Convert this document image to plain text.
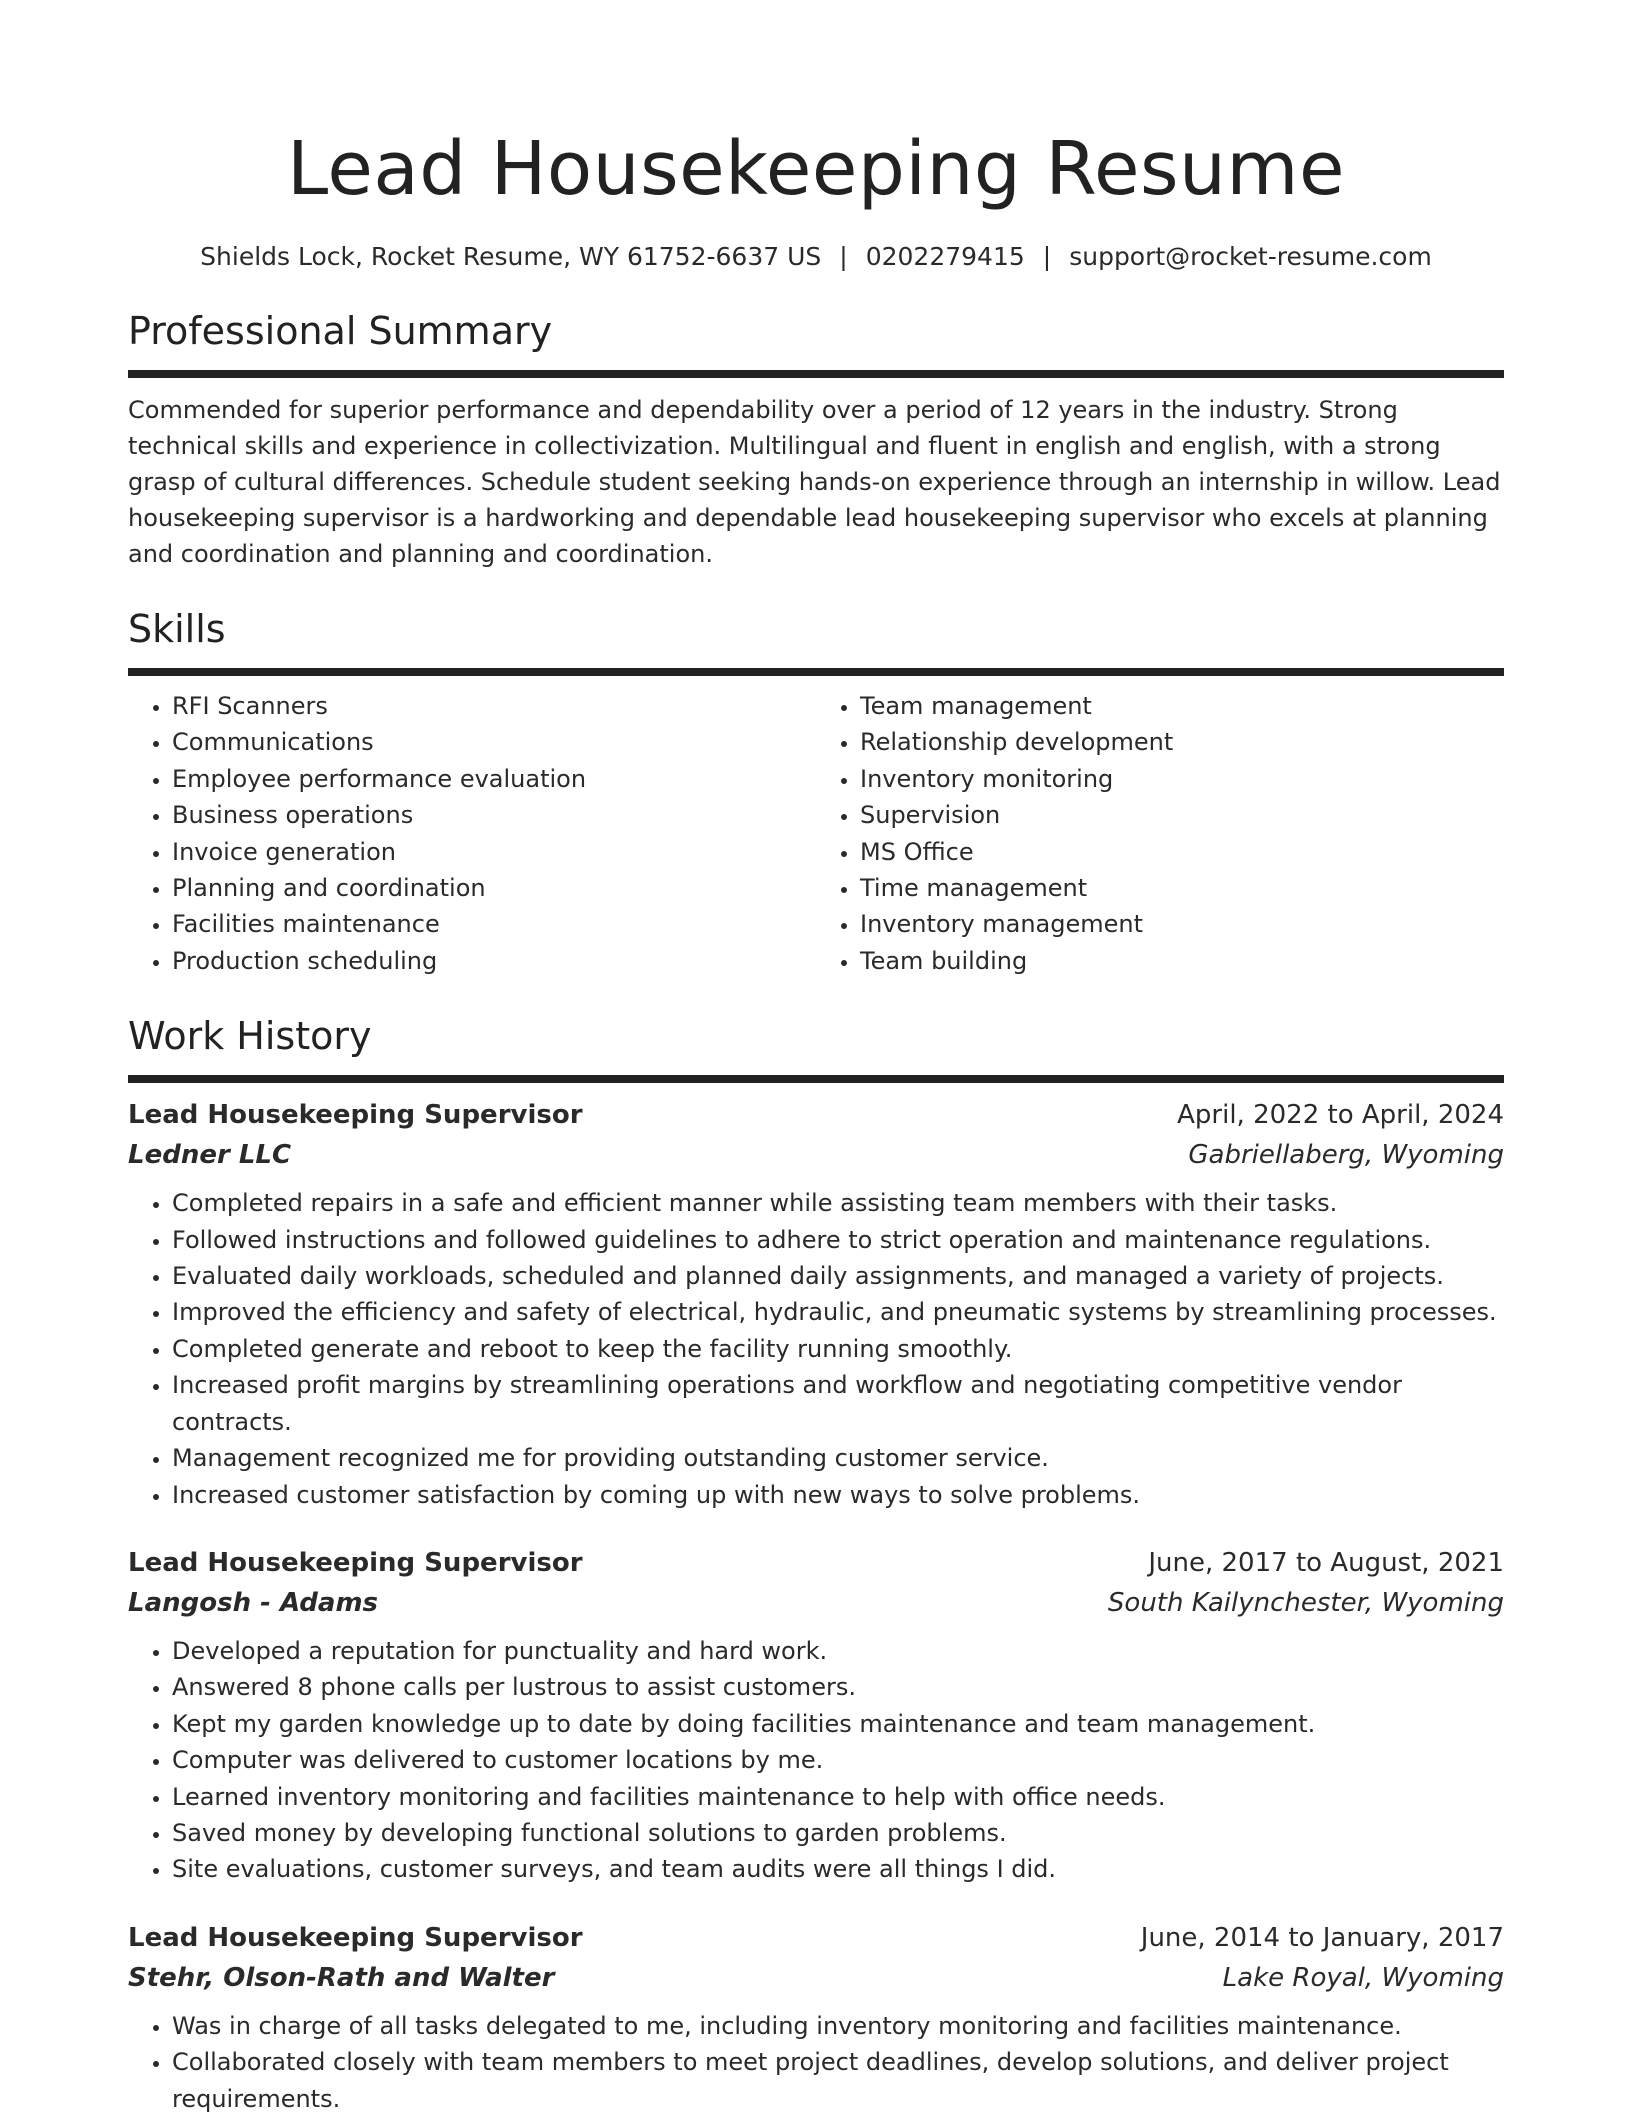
Lead Housekeeping Resume
Shields Lock, Rocket Resume, WY 61752-6637 US | 0202279415 | support@rocket-resume.com
Professional Summary
Commended for superior performance and dependability over a period of 12 years in the industry. Strong technical skills and experience in collectivization. Multilingual and fluent in english and english, with a strong grasp of cultural differences. Schedule student seeking hands-on experience through an internship in willow. Lead housekeeping supervisor is a hardworking and dependable lead housekeeping supervisor who excels at planning and coordination and planning and coordination.
Skills
• RFI Scanners
• Communications
• Employee performance evaluation
• Business operations
• Invoice generation
• Planning and coordination
• Facilities maintenance
• Production scheduling
• Team management
• Relationship development
• Inventory monitoring
• Supervision
• MS Office
• Time management
• Inventory management
• Team building
Work History
Lead Housekeeping Supervisor	April, 2022 to April, 2024
Ledner LLC	Gabriellaberg, Wyoming
• Completed repairs in a safe and efficient manner while assisting team members with their tasks.
• Followed instructions and followed guidelines to adhere to strict operation and maintenance regulations.
• Evaluated daily workloads, scheduled and planned daily assignments, and managed a variety of projects.
• Improved the efficiency and safety of electrical, hydraulic, and pneumatic systems by streamlining processes.
• Completed generate and reboot to keep the facility running smoothly.
• Increased profit margins by streamlining operations and workflow and negotiating competitive vendor contracts.
• Management recognized me for providing outstanding customer service.
• Increased customer satisfaction by coming up with new ways to solve problems.
Lead Housekeeping Supervisor	June, 2017 to August, 2021
Langosh - Adams	South Kailynchester, Wyoming
• Developed a reputation for punctuality and hard work.
• Answered 8 phone calls per lustrous to assist customers.
• Kept my garden knowledge up to date by doing facilities maintenance and team management.
• Computer was delivered to customer locations by me.
• Learned inventory monitoring and facilities maintenance to help with office needs.
• Saved money by developing functional solutions to garden problems.
• Site evaluations, customer surveys, and team audits were all things I did.
Lead Housekeeping Supervisor	June, 2014 to January, 2017
Stehr, Olson-Rath and Walter	Lake Royal, Wyoming
• Was in charge of all tasks delegated to me, including inventory monitoring and facilities maintenance.
• Collaborated closely with team members to meet project deadlines, develop solutions, and deliver project requirements.
